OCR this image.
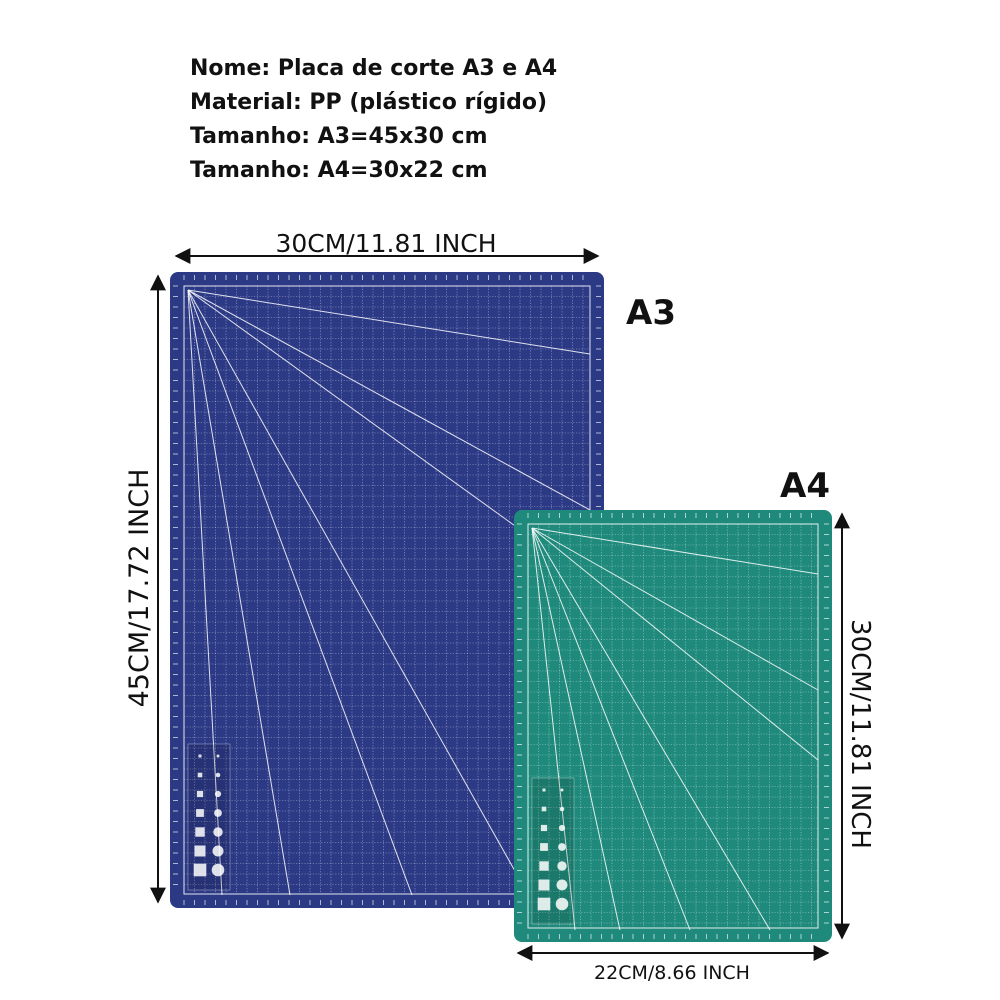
Nome: Placa de corte A3 e A4
Material: PP (plástico rígido)
Tamanho: A3=45x30 cm
Tamanho: A4=30x22 cm
30CM/11.81 INCH
45CM/17.72 INCH
A3
A4
30CM/11.81 INCH
22CM/8.66 INCH
